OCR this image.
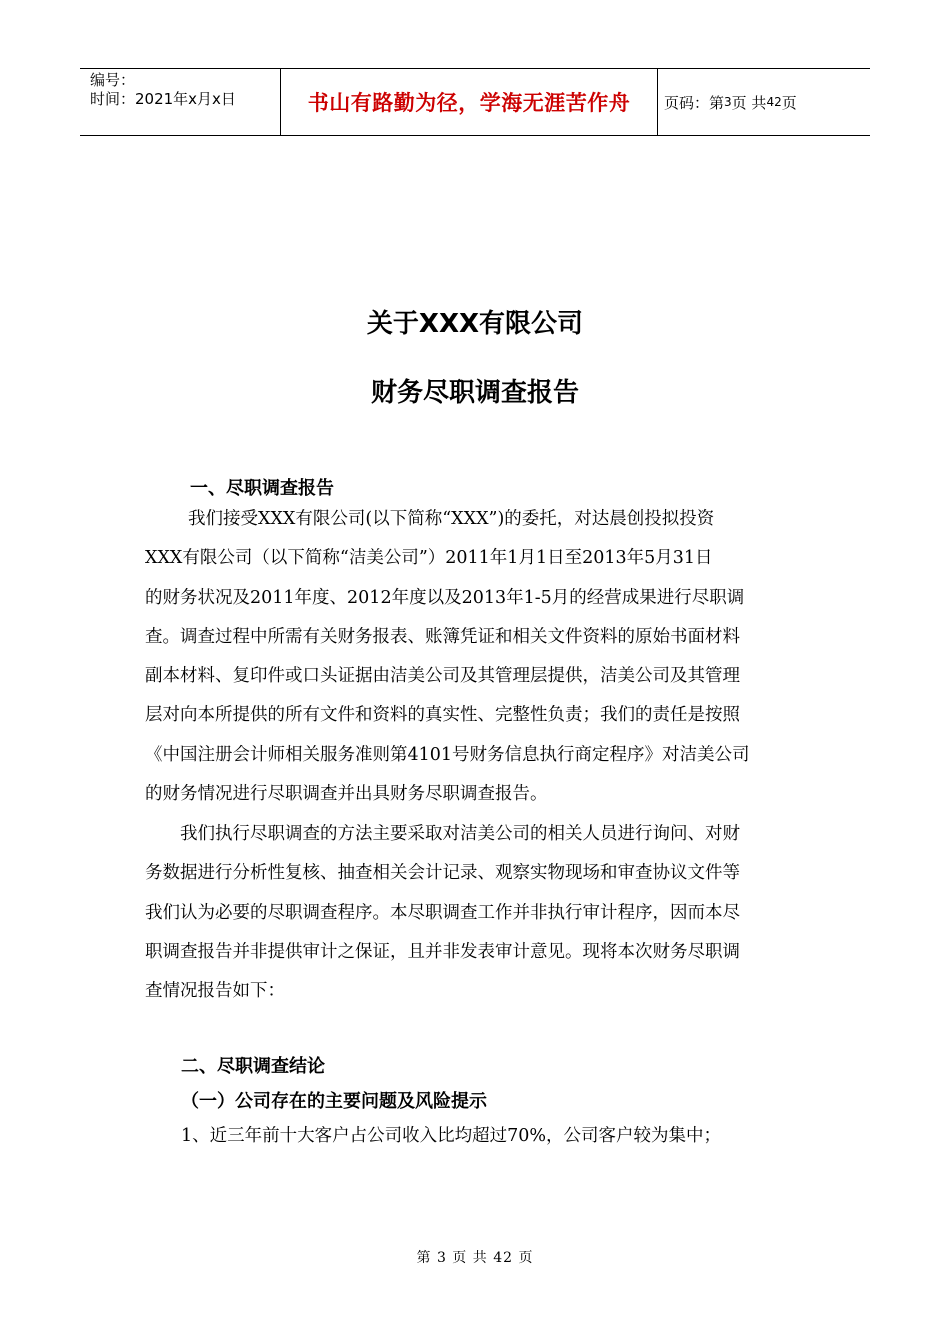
编号：
时间：2021年x月x日	书山有路勤为径，学海无涯苦作舟	页码：第 3 页 共 42 页
关于XXX有限公司
财务尽职调查报告
一、尽职调查报告
我们接受XXX有限公司(以下简称“XXX”)的委托，对达晨创投拟投资
XXX有限公司（以下简称“洁美公司”）2011年1月1日至2013年5月31日
的财务状况及2011年度、2012年度以及2013年1-5月的经营成果进行尽职调
查。调查过程中所需有关财务报表、账簿凭证和相关文件资料的原始书面材料
副本材料、复印件或口头证据由洁美公司及其管理层提供，洁美公司及其管理
层对向本所提供的所有文件和资料的真实性、完整性负责；我们的责任是按照
《中国注册会计师相关服务准则第4101号财务信息执行商定程序》对洁美公司
的财务情况进行尽职调查并出具财务尽职调查报告。
我们执行尽职调查的方法主要采取对洁美公司的相关人员进行询问、对财
务数据进行分析性复核、抽查相关会计记录、观察实物现场和审查协议文件等
我们认为必要的尽职调查程序。本尽职调查工作并非执行审计程序，因而本尽
职调查报告并非提供审计之保证，且并非发表审计意见。现将本次财务尽职调
查情况报告如下：
二、尽职调查结论
（一）公司存在的主要问题及风险提示
1、近三年前十大客户占公司收入比均超过70%，公司客户较为集中；
第 3 页 共 42 页
